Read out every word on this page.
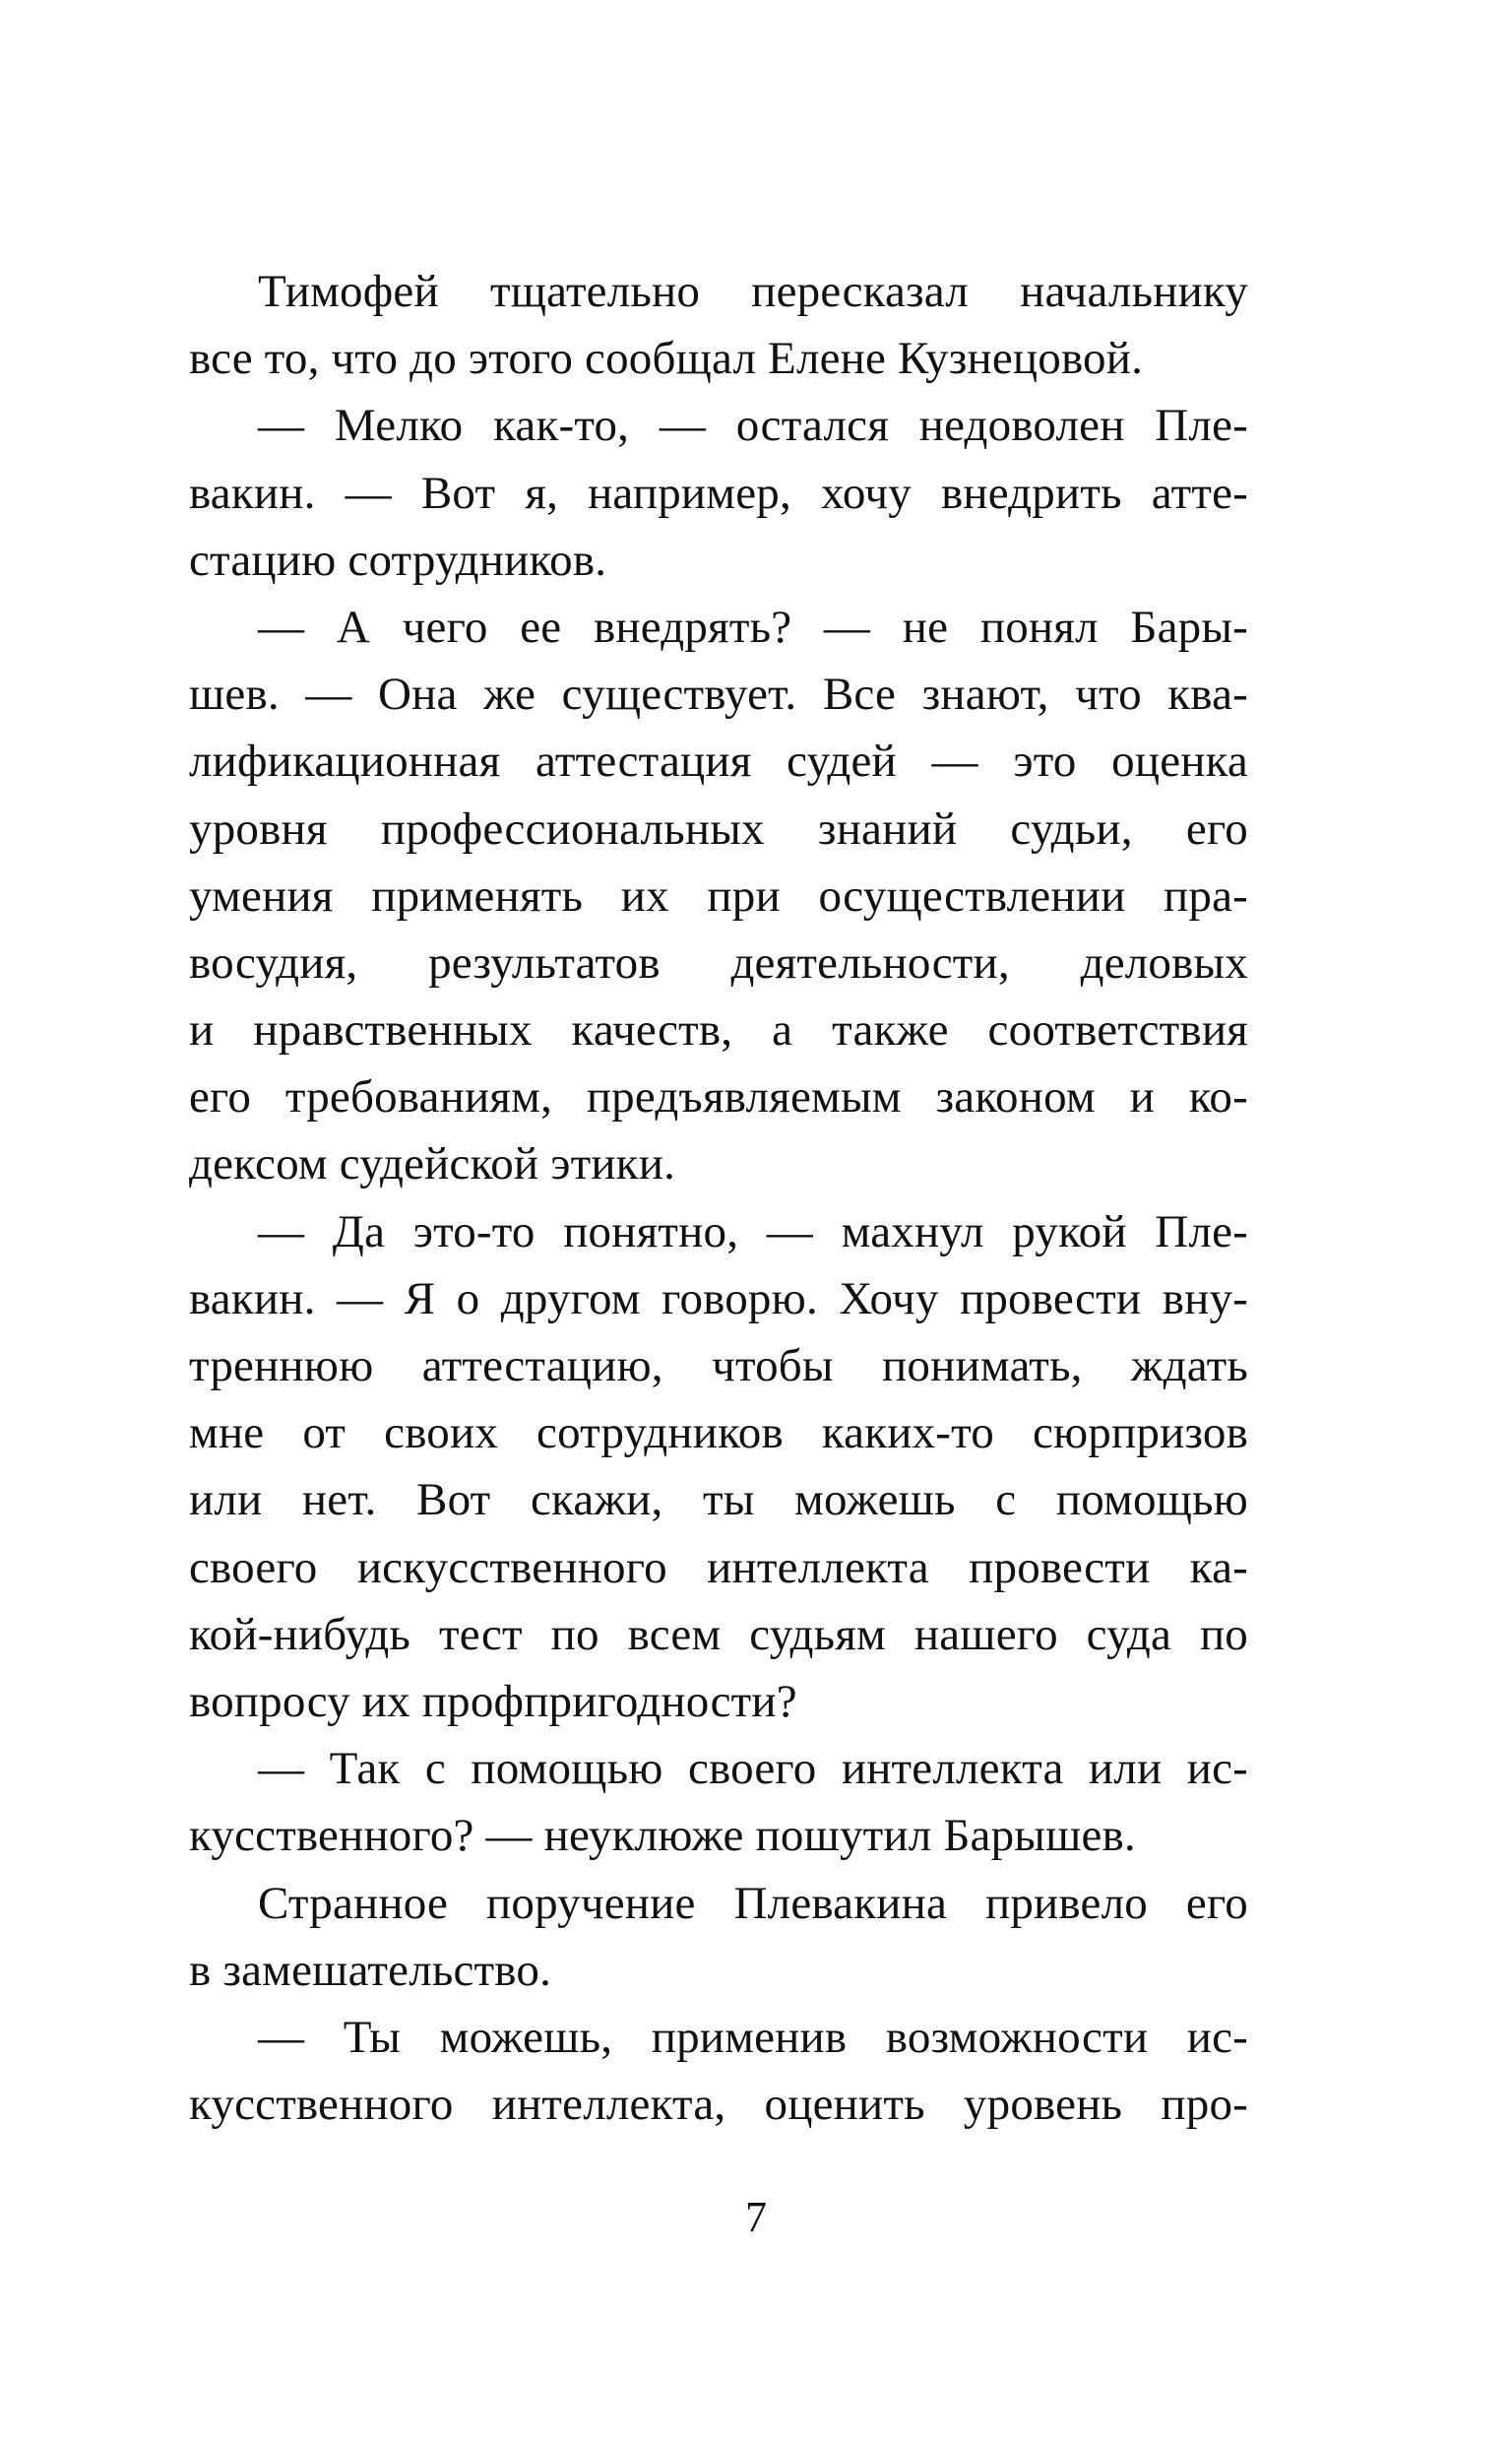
Тимофей тщательно пересказал начальнику
все то, что до этого сообщал Елене Кузнецовой.
— Мелко как-то, — остался недоволен Пле-
вакин. — Вот я, например, хочу внедрить атте-
стацию сотрудников.
— А чего ее внедрять? — не понял Бары-
шев. — Она же существует. Все знают, что ква-
лификационная аттестация судей — это оценка
уровня профессиональных знаний судьи, его
умения применять их при осуществлении пра-
восудия, результатов деятельности, деловых
и нравственных качеств, а также соответствия
его требованиям, предъявляемым законом и ко-
дексом судейской этики.
— Да это-то понятно, — махнул рукой Пле-
вакин. — Я о другом говорю. Хочу провести вну-
треннюю аттестацию, чтобы понимать, ждать
мне от своих сотрудников каких-то сюрпризов
или нет. Вот скажи, ты можешь с помощью
своего искусственного интеллекта провести ка-
кой-нибудь тест по всем судьям нашего суда по
вопросу их профпригодности?
— Так с помощью своего интеллекта или ис-
кусственного? — неуклюже пошутил Барышев.
Странное поручение Плевакина привело его
в замешательство.
— Ты можешь, применив возможности ис-
кусственного интеллекта, оценить уровень про-
7
